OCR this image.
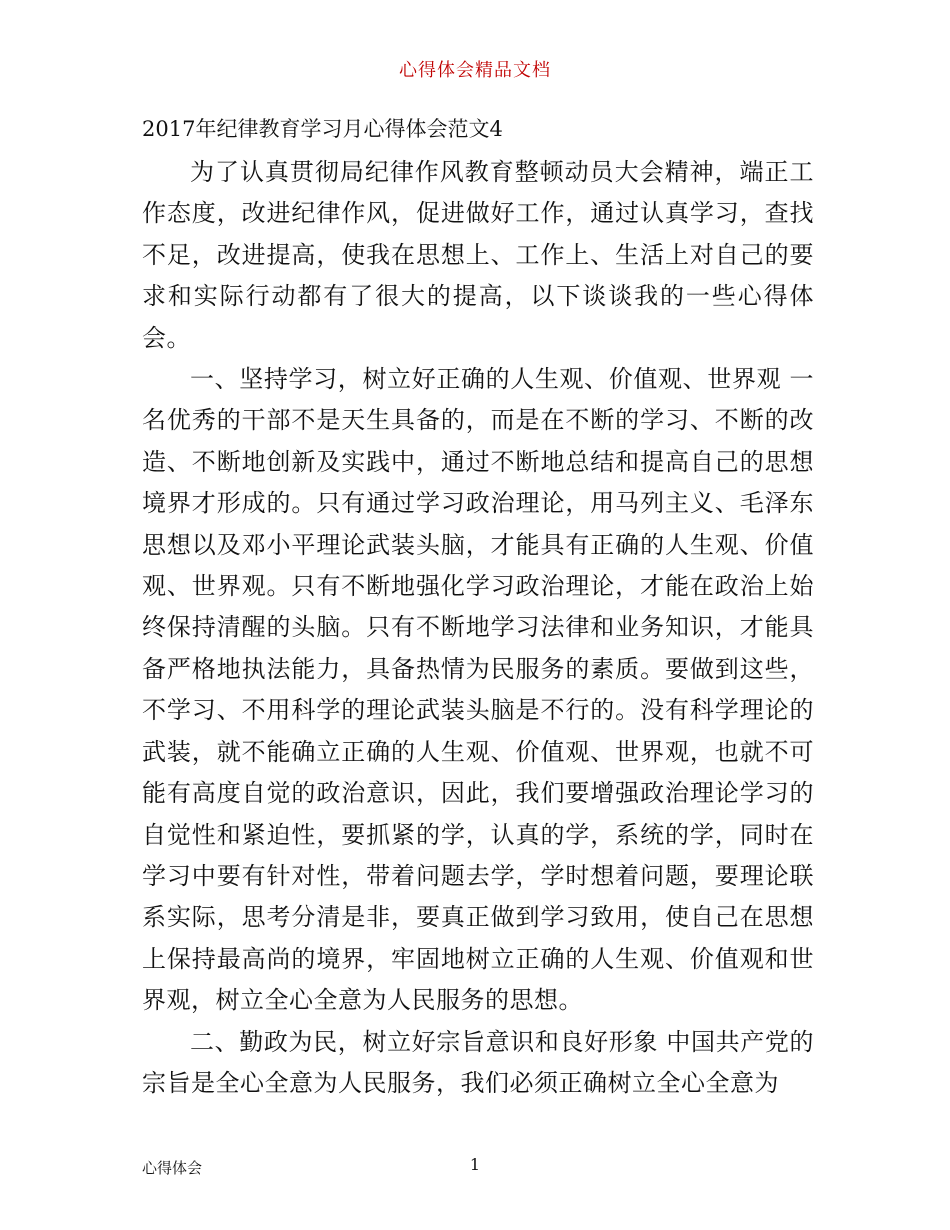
心得体会精品文档
2017年纪律教育学习月心得体会范文4

为了认真贯彻局纪律作风教育整顿动员大会精神，端正工作态度，改进纪律作风，促进做好工作，通过认真学习，查找不足，改进提高，使我在思想上、工作上、生活上对自己的要求和实际行动都有了很大的提高，以下谈谈我的一些心得体会。

一、坚持学习，树立好正确的人生观、价值观、世界观 一名优秀的干部不是天生具备的，而是在不断的学习、不断的改造、不断地创新及实践中，通过不断地总结和提高自己的思想境界才形成的。只有通过学习政治理论，用马列主义、毛泽东思想以及邓小平理论武装头脑，才能具有正确的人生观、价值观、世界观。只有不断地强化学习政治理论，才能在政治上始终保持清醒的头脑。只有不断地学习法律和业务知识，才能具备严格地执法能力，具备热情为民服务的素质。要做到这些，不学习、不用科学的理论武装头脑是不行的。没有科学理论的武装，就不能确立正确的人生观、价值观、世界观，也就不可能有高度自觉的政治意识，因此，我们要增强政治理论学习的自觉性和紧迫性，要抓紧的学，认真的学，系统的学，同时在学习中要有针对性，带着问题去学，学时想着问题，要理论联系实际，思考分清是非，要真正做到学习致用，使自己在思想上保持最高尚的境界，牢固地树立正确的人生观、价值观和世界观，树立全心全意为人民服务的思想。

二、勤政为民，树立好宗旨意识和良好形象 中国共产党的宗旨是全心全意为人民服务，我们必须正确树立全心全意为

心得体会	1
